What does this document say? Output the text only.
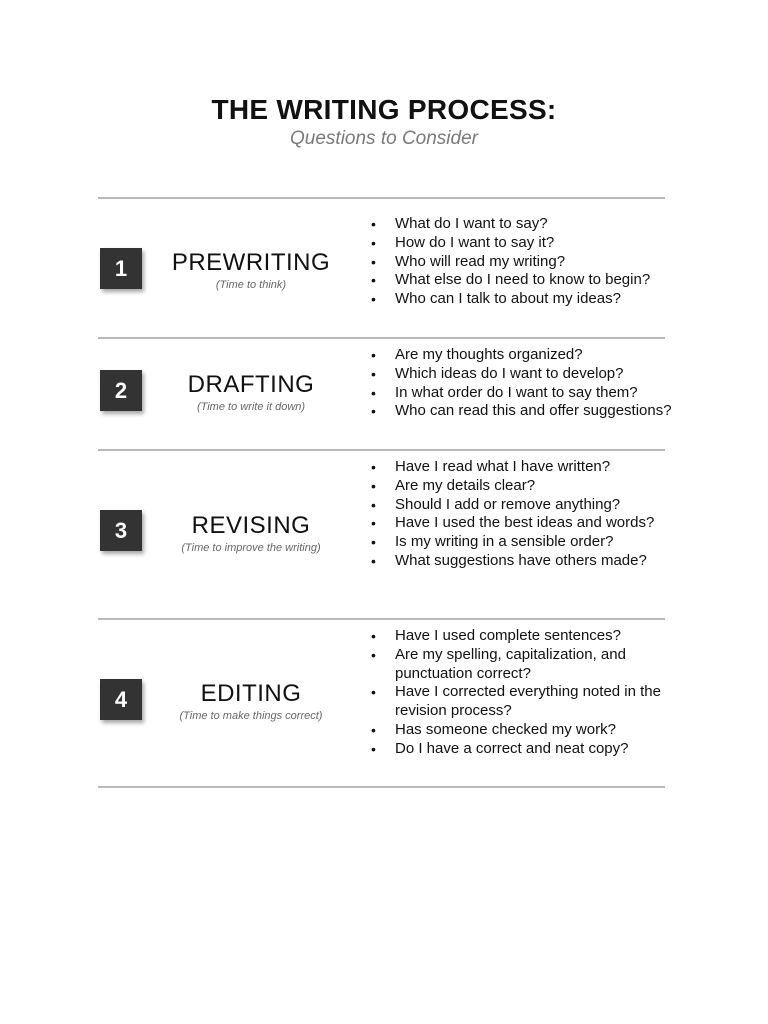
THE WRITING PROCESS:
Questions to Consider
1	PREWRITING
(Time to think)
• What do I want to say?
• How do I want to say it?
• Who will read my writing?
• What else do I need to know to begin?
• Who can I talk to about my ideas?
2	DRAFTING
(Time to write it down)
• Are my thoughts organized?
• Which ideas do I want to develop?
• In what order do I want to say them?
• Who can read this and offer suggestions?
3	REVISING
(Time to improve the writing)
• Have I read what I have written?
• Are my details clear?
• Should I add or remove anything?
• Have I used the best ideas and words?
• Is my writing in a sensible order?
• What suggestions have others made?
4	EDITING
(Time to make things correct)
• Have I used complete sentences?
• Are my spelling, capitalization, and punctuation correct?
• Have I corrected everything noted in the revision process?
• Has someone checked my work?
• Do I have a correct and neat copy?
